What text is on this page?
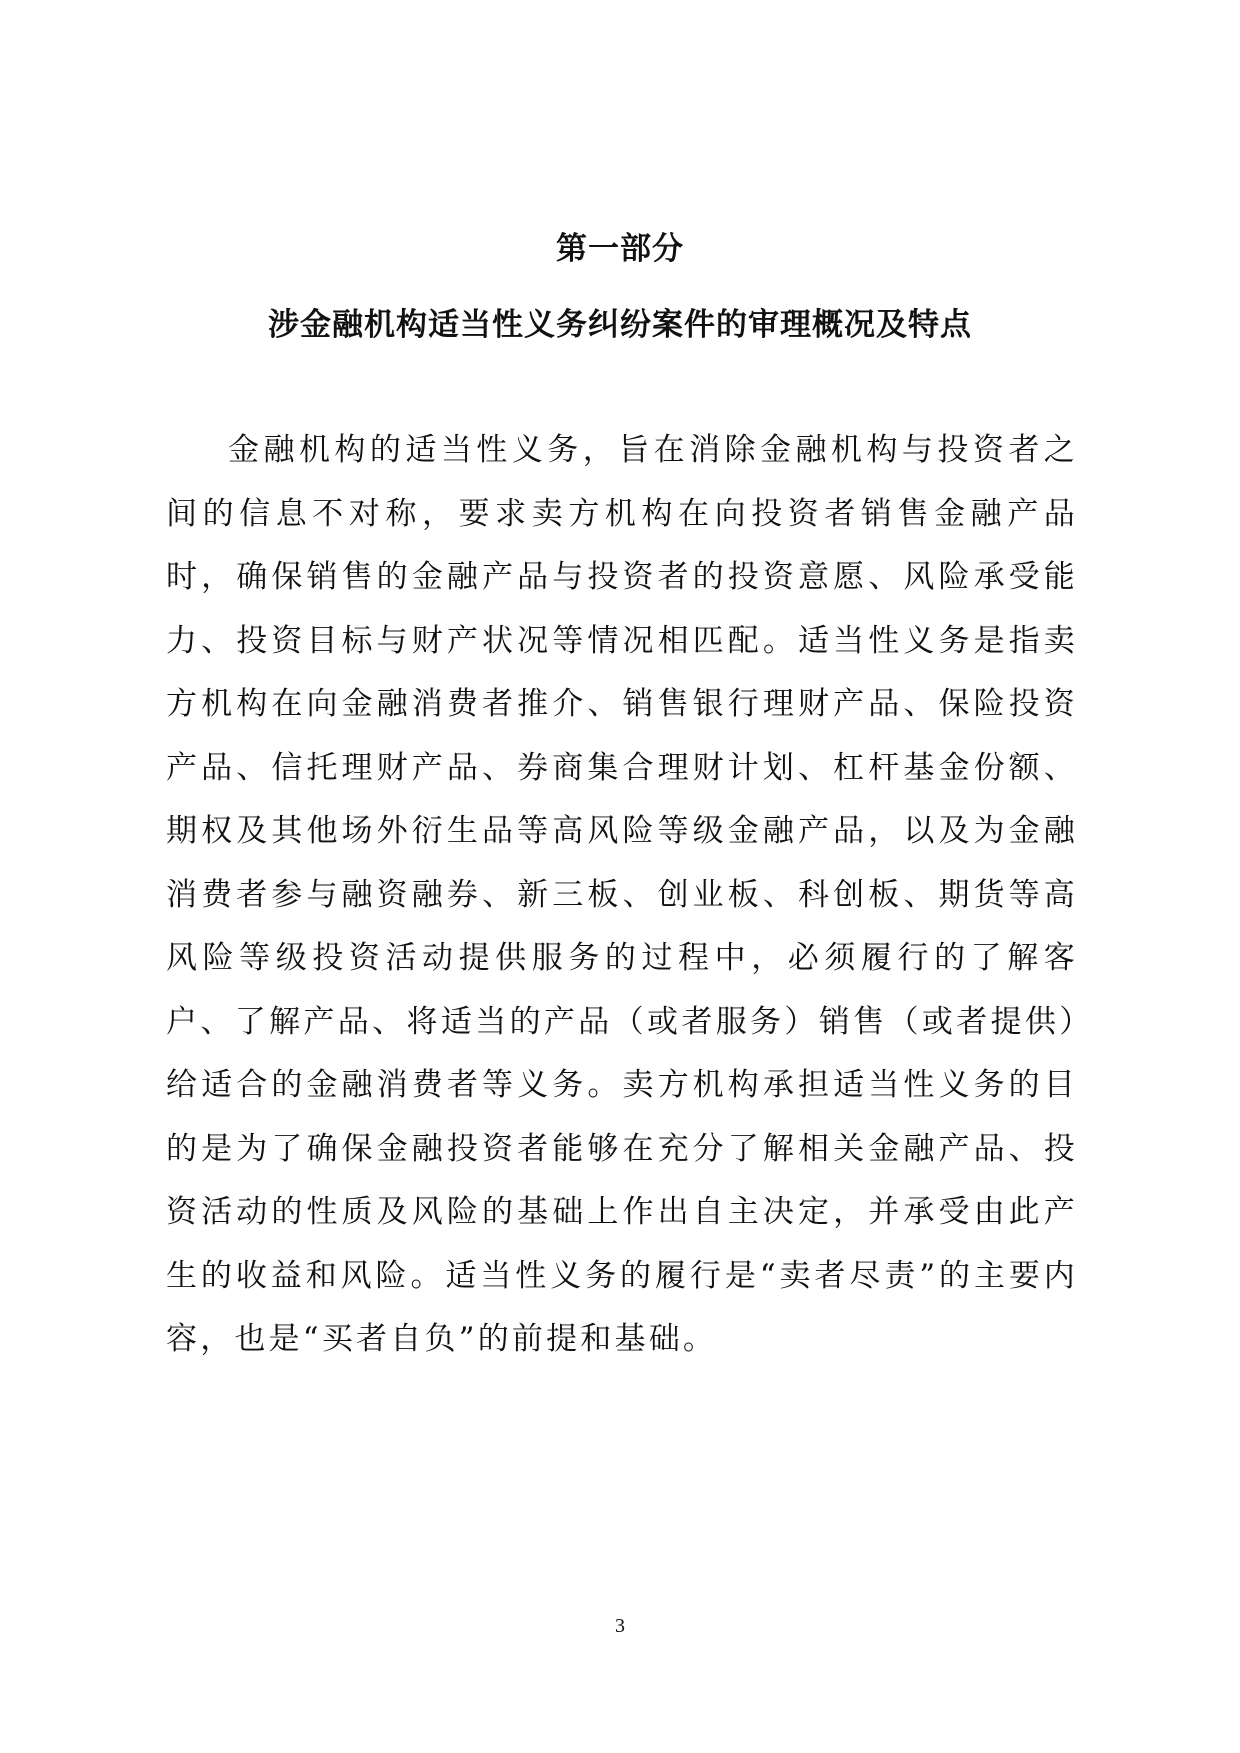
第一部分
涉金融机构适当性义务纠纷案件的审理概况及特点

金融机构的适当性义务，旨在消除金融机构与投资者之间的信息不对称，要求卖方机构在向投资者销售金融产品时，确保销售的金融产品与投资者的投资意愿、风险承受能力、投资目标与财产状况等情况相匹配。适当性义务是指卖方机构在向金融消费者推介、销售银行理财产品、保险投资产品、信托理财产品、券商集合理财计划、杠杆基金份额、期权及其他场外衍生品等高风险等级金融产品，以及为金融消费者参与融资融券、新三板、创业板、科创板、期货等高风险等级投资活动提供服务的过程中，必须履行的了解客户、了解产品、将适当的产品（或者服务）销售（或者提供）给适合的金融消费者等义务。卖方机构承担适当性义务的目的是为了确保金融投资者能够在充分了解相关金融产品、投资活动的性质及风险的基础上作出自主决定，并承受由此产生的收益和风险。适当性义务的履行是“卖者尽责”的主要内容，也是“买者自负”的前提和基础。

3
